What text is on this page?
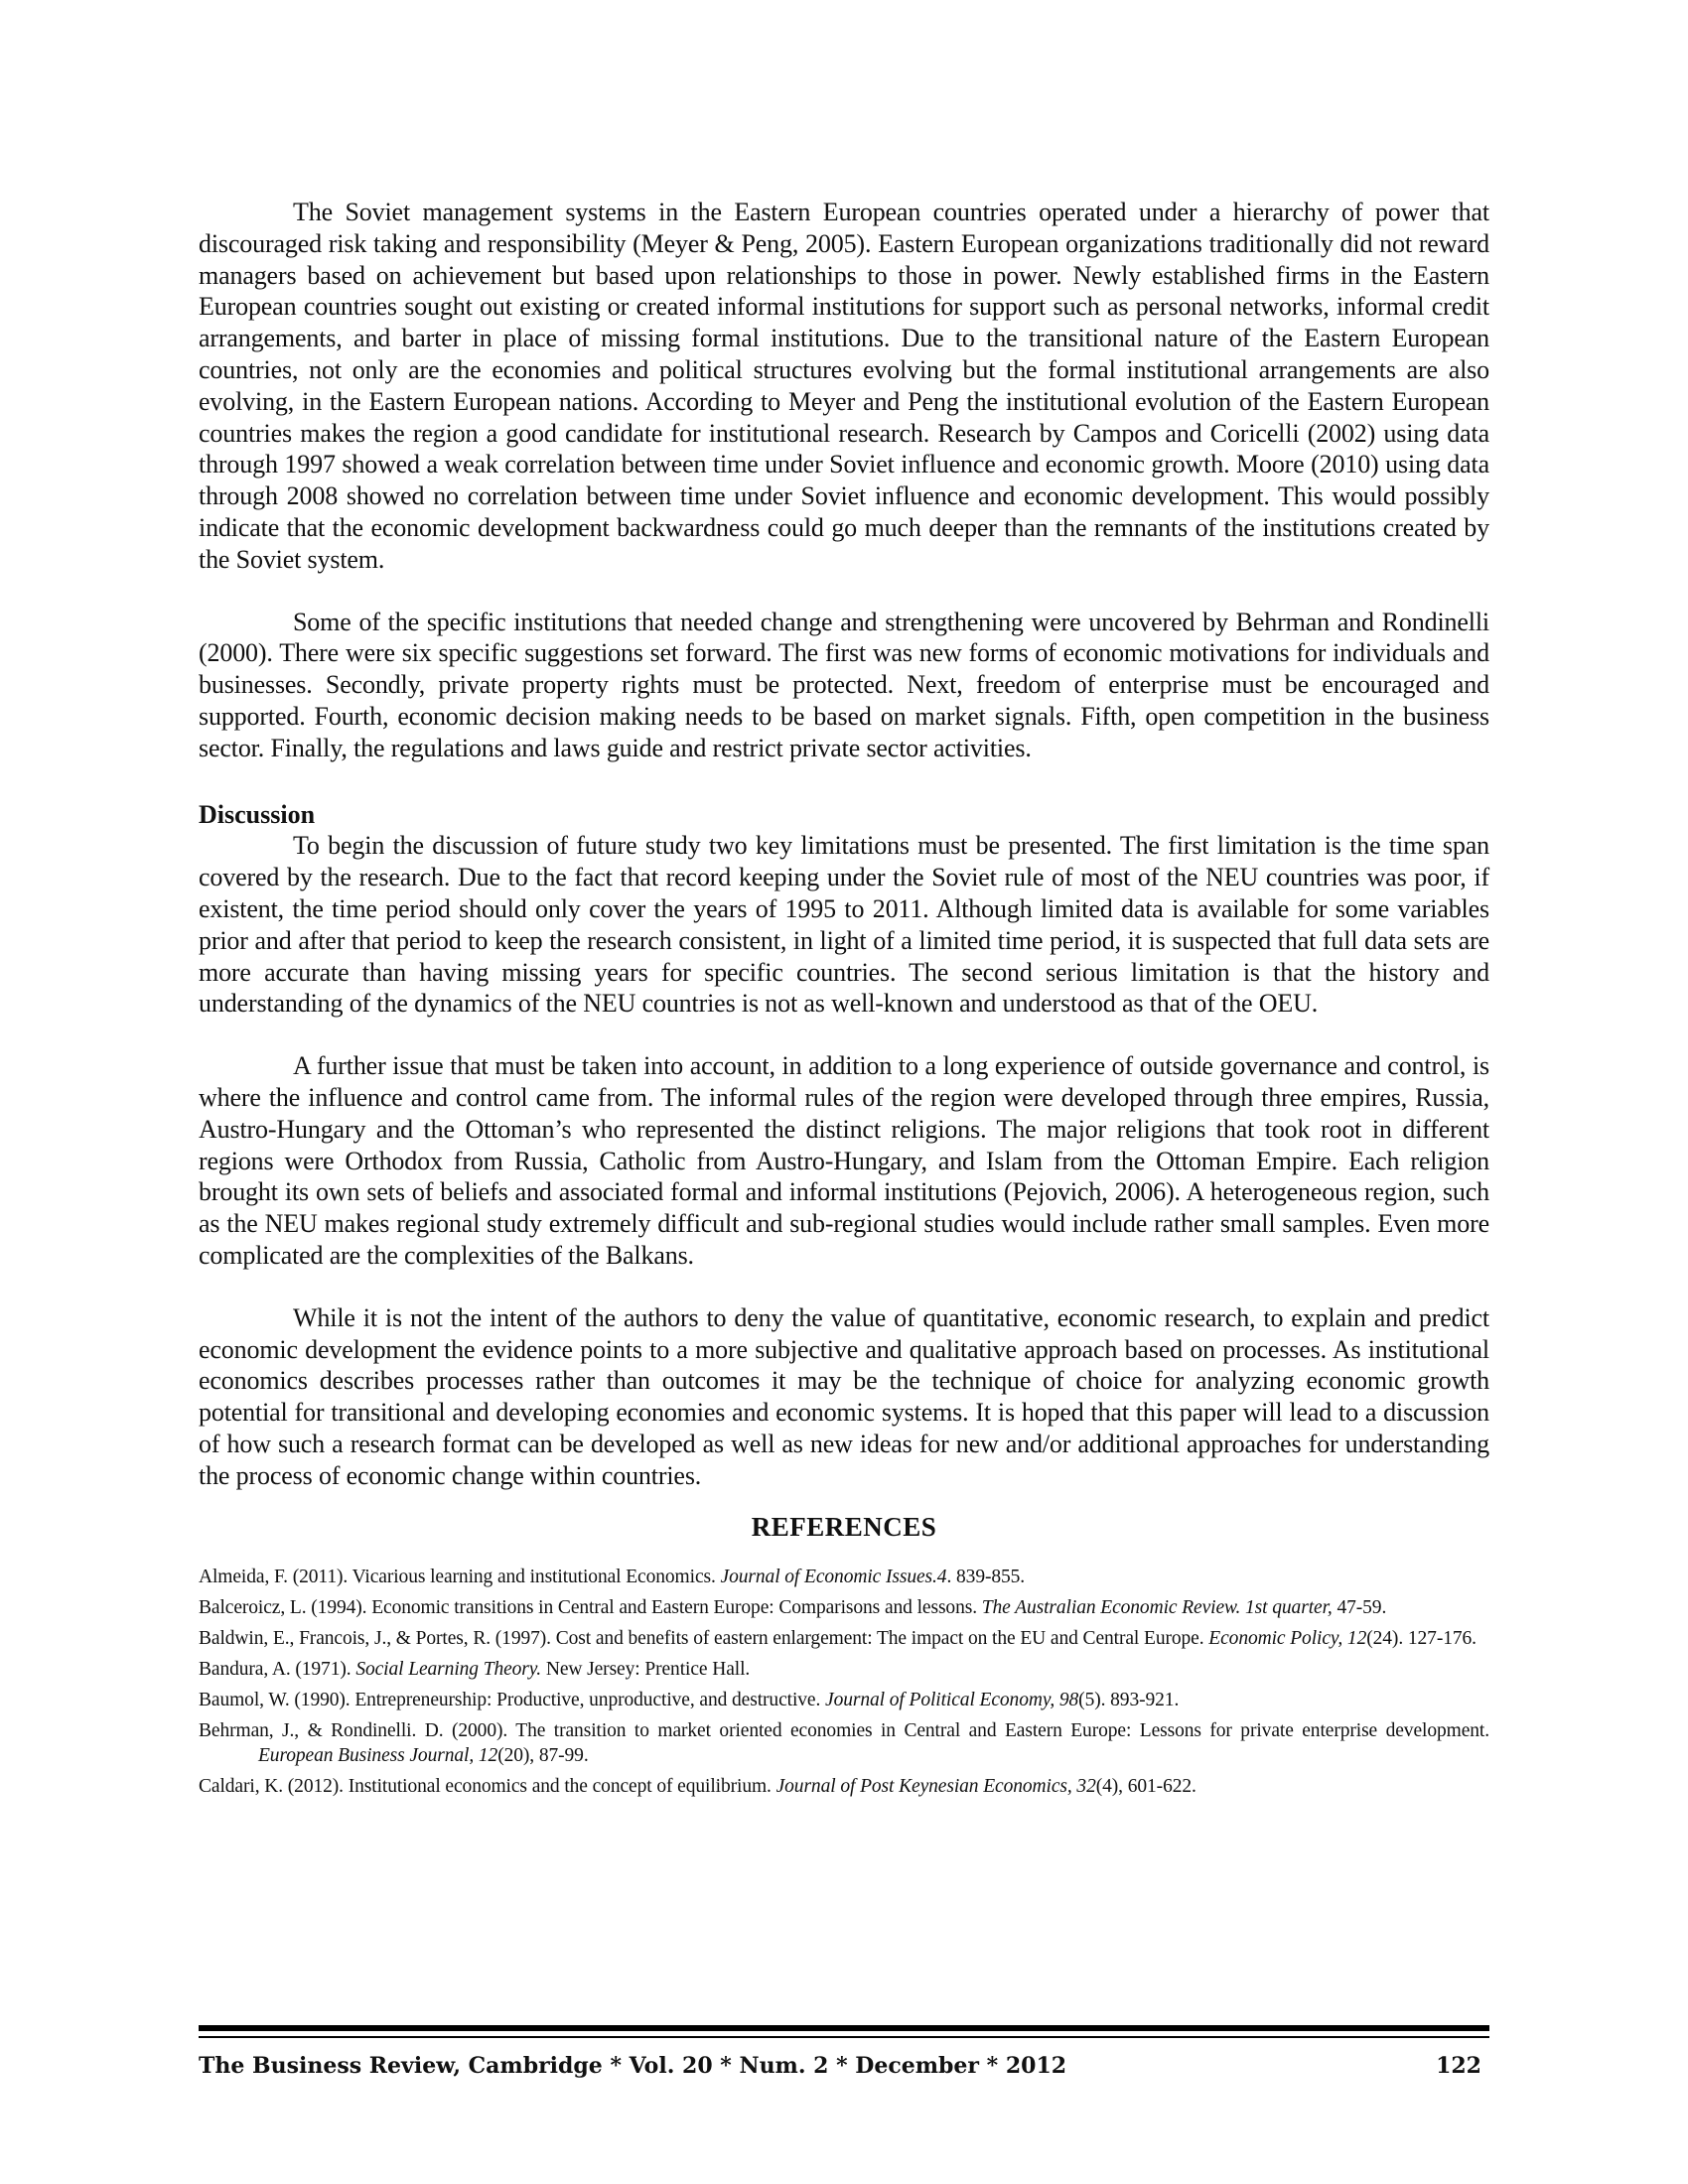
The Soviet management systems in the Eastern European countries operated under a hierarchy of power that discouraged risk taking and responsibility (Meyer & Peng, 2005). Eastern European organizations traditionally did not reward managers based on achievement but based upon relationships to those in power. Newly established firms in the Eastern European countries sought out existing or created informal institutions for support such as personal networks, informal credit arrangements, and barter in place of missing formal institutions. Due to the transitional nature of the Eastern European countries, not only are the economies and political structures evolving but the formal institutional arrangements are also evolving, in the Eastern European nations. According to Meyer and Peng the institutional evolution of the Eastern European countries makes the region a good candidate for institutional research. Research by Campos and Coricelli (2002) using data through 1997 showed a weak correlation between time under Soviet influence and economic growth. Moore (2010) using data through 2008 showed no correlation between time under Soviet influence and economic development. This would possibly indicate that the economic development backwardness could go much deeper than the remnants of the institutions created by the Soviet system.

Some of the specific institutions that needed change and strengthening were uncovered by Behrman and Rondinelli (2000). There were six specific suggestions set forward. The first was new forms of economic motivations for individuals and businesses. Secondly, private property rights must be protected. Next, freedom of enterprise must be encouraged and supported. Fourth, economic decision making needs to be based on market signals. Fifth, open competition in the business sector. Finally, the regulations and laws guide and restrict private sector activities.

Discussion

To begin the discussion of future study two key limitations must be presented. The first limitation is the time span covered by the research. Due to the fact that record keeping under the Soviet rule of most of the NEU countries was poor, if existent, the time period should only cover the years of 1995 to 2011. Although limited data is available for some variables prior and after that period to keep the research consistent, in light of a limited time period, it is suspected that full data sets are more accurate than having missing years for specific countries. The second serious limitation is that the history and understanding of the dynamics of the NEU countries is not as well-known and understood as that of the OEU.

A further issue that must be taken into account, in addition to a long experience of outside governance and control, is where the influence and control came from. The informal rules of the region were developed through three empires, Russia, Austro-Hungary and the Ottoman’s who represented the distinct religions. The major religions that took root in different regions were Orthodox from Russia, Catholic from Austro-Hungary, and Islam from the Ottoman Empire. Each religion brought its own sets of beliefs and associated formal and informal institutions (Pejovich, 2006). A heterogeneous region, such as the NEU makes regional study extremely difficult and sub-regional studies would include rather small samples. Even more complicated are the complexities of the Balkans.

While it is not the intent of the authors to deny the value of quantitative, economic research, to explain and predict economic development the evidence points to a more subjective and qualitative approach based on processes. As institutional economics describes processes rather than outcomes it may be the technique of choice for analyzing economic growth potential for transitional and developing economies and economic systems. It is hoped that this paper will lead to a discussion of how such a research format can be developed as well as new ideas for new and/or additional approaches for understanding the process of economic change within countries.

REFERENCES

Almeida, F. (2011). Vicarious learning and institutional Economics. Journal of Economic Issues.4. 839-855.

Balceroicz, L. (1994). Economic transitions in Central and Eastern Europe: Comparisons and lessons. The Australian Economic Review. 1st quarter, 47-59.

Baldwin, E., Francois, J., & Portes, R. (1997). Cost and benefits of eastern enlargement: The impact on the EU and Central Europe. Economic Policy, 12(24). 127-176.

Bandura, A. (1971). Social Learning Theory. New Jersey: Prentice Hall.

Baumol, W. (1990). Entrepreneurship: Productive, unproductive, and destructive. Journal of Political Economy, 98(5). 893-921.

Behrman, J., & Rondinelli. D. (2000). The transition to market oriented economies in Central and Eastern Europe: Lessons for private enterprise development. European Business Journal, 12(20), 87-99.

Caldari, K. (2012). Institutional economics and the concept of equilibrium. Journal of Post Keynesian Economics, 32(4), 601-622.

The Business Review, Cambridge * Vol. 20 * Num. 2 * December * 2012	122
